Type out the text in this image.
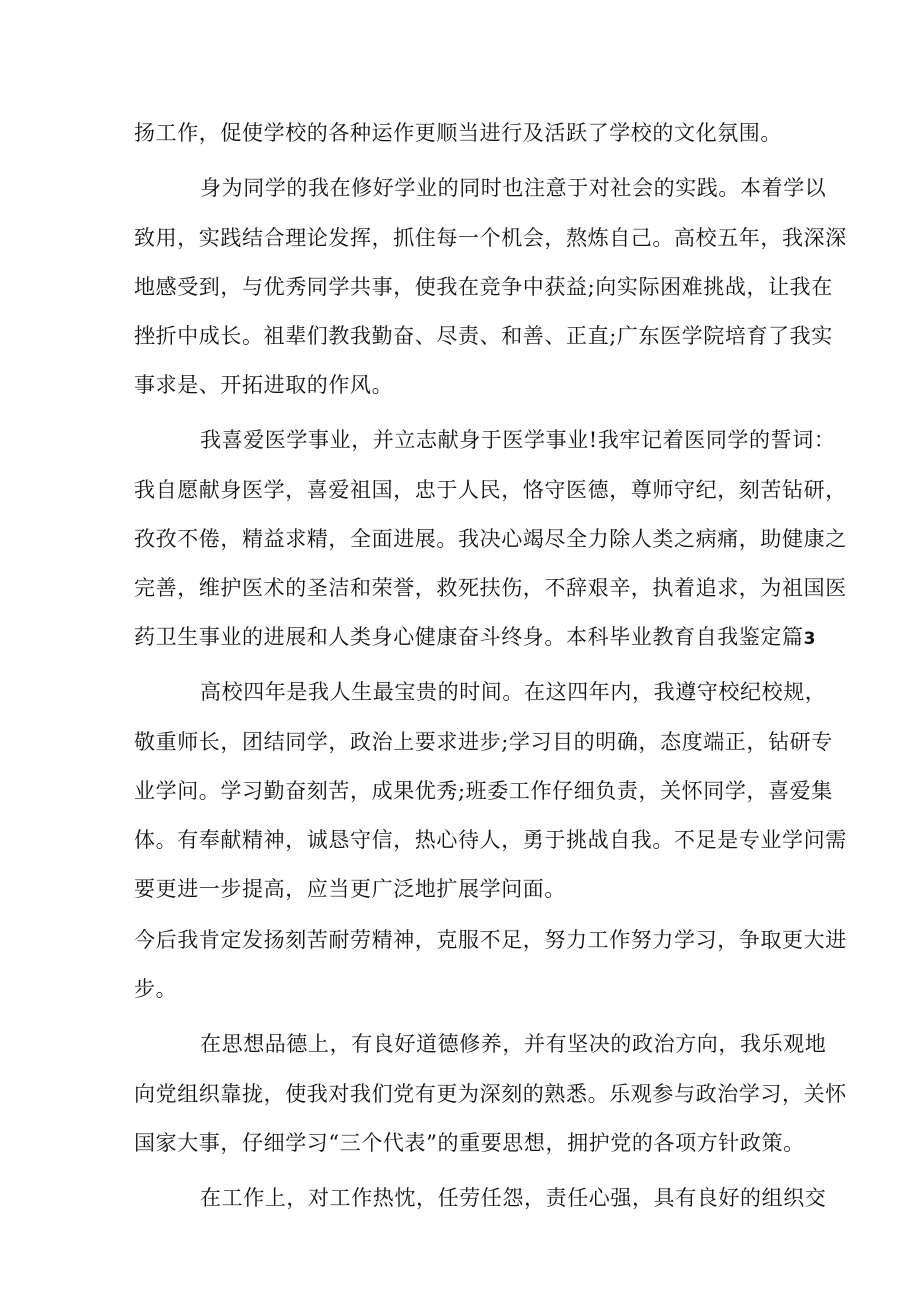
扬工作，促使学校的各种运作更顺当进行及活跃了学校的文化氛围。
身为同学的我在修好学业的同时也注意于对社会的实践。本着学以
致用，实践结合理论发挥，抓住每一个机会，熬炼自己。高校五年，我深深
地感受到，与优秀同学共事，使我在竞争中获益;向实际困难挑战，让我在
挫折中成长。祖辈们教我勤奋、尽责、和善、正直;广东医学院培育了我实
事求是、开拓进取的作风。
我喜爱医学事业，并立志献身于医学事业!我牢记着医同学的誓词：
我自愿献身医学，喜爱祖国，忠于人民，恪守医德，尊师守纪，刻苦钻研，
孜孜不倦，精益求精，全面进展。我决心竭尽全力除人类之病痛，助健康之
完善，维护医术的圣洁和荣誉，救死扶伤，不辞艰辛，执着追求，为祖国医
药卫生事业的进展和人类身心健康奋斗终身。本科毕业教育自我鉴定篇3
高校四年是我人生最宝贵的时间。在这四年内，我遵守校纪校规，
敬重师长，团结同学，政治上要求进步;学习目的明确，态度端正，钻研专
业学问。学习勤奋刻苦，成果优秀;班委工作仔细负责，关怀同学，喜爱集
体。有奉献精神，诚恳守信，热心待人，勇于挑战自我。不足是专业学问需
要更进一步提高，应当更广泛地扩展学问面。
今后我肯定发扬刻苦耐劳精神，克服不足，努力工作努力学习，争取更大进
步。
在思想品德上，有良好道德修养，并有坚决的政治方向，我乐观地
向党组织靠拢，使我对我们党有更为深刻的熟悉。乐观参与政治学习，关怀
国家大事，仔细学习“三个代表”的重要思想，拥护党的各项方针政策。
在工作上，对工作热忱，任劳任怨，责任心强，具有良好的组织交
